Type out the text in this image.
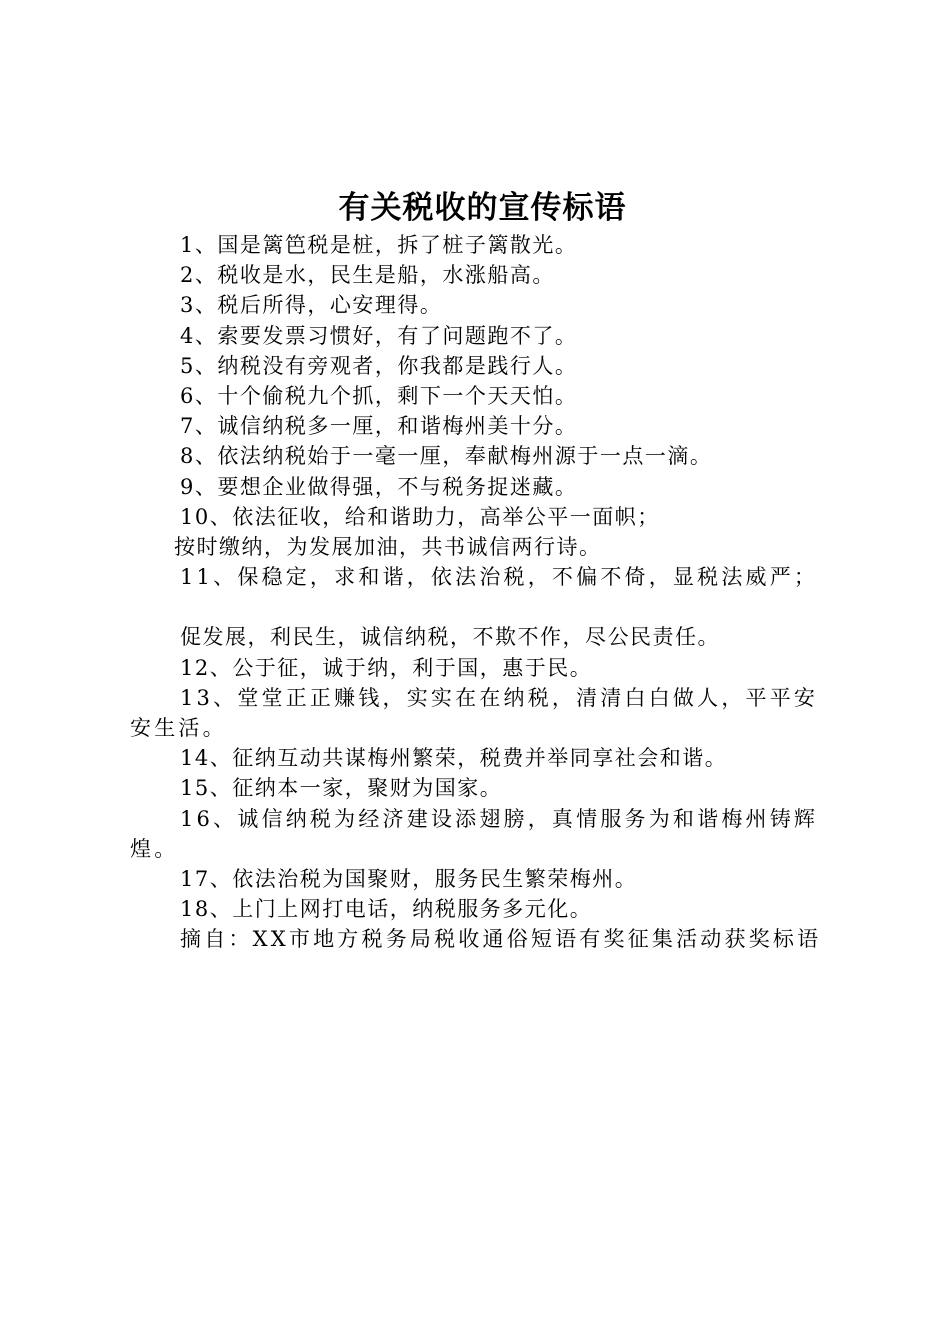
有关税收的宣传标语

1、国是篱笆税是桩，拆了桩子篱散光。

2、税收是水，民生是船，水涨船高。

3、税后所得，心安理得。

4、索要发票习惯好，有了问题跑不了。

5、纳税没有旁观者，你我都是践行人。

6、十个偷税九个抓，剩下一个天天怕。

7、诚信纳税多一厘，和谐梅州美十分。

8、依法纳税始于一毫一厘，奉献梅州源于一点一滴。

9、要想企业做得强，不与税务捉迷藏。

10、依法征收，给和谐助力，高举公平一面帜；

按时缴纳，为发展加油，共书诚信两行诗。

11、保稳定，求和谐，依法治税，不偏不倚，显税法威严；

促发展，利民生，诚信纳税，不欺不作，尽公民责任。

12、公于征，诚于纳，利于国，惠于民。

13、堂堂正正赚钱，实实在在纳税，清清白白做人，平平安安生活。

14、征纳互动共谋梅州繁荣，税费并举同享社会和谐。

15、征纳本一家，聚财为国家。

16、诚信纳税为经济建设添翅膀，真情服务为和谐梅州铸辉煌。

17、依法治税为国聚财，服务民生繁荣梅州。

18、上门上网打电话，纳税服务多元化。

摘自：XX市地方税务局税收通俗短语有奖征集活动获奖标语
